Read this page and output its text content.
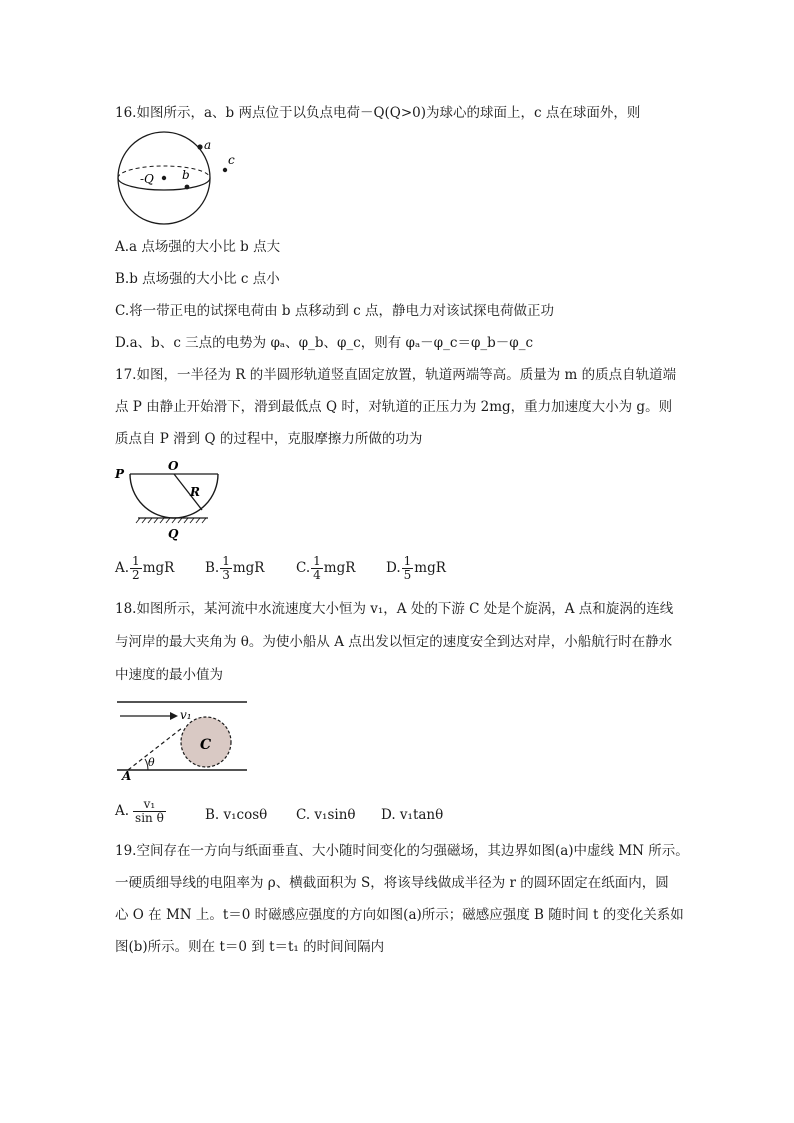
16.如图所示，a、b 两点位于以负点电荷－Q(Q>0)为球心的球面上，c 点在球面外，则
-Q
a
b
c
A.a 点场强的大小比 b 点大
B.b 点场强的大小比 c 点小
C.将一带正电的试探电荷由 b 点移动到 c 点，静电力对该试探电荷做正功
D.a、b、c 三点的电势为 φₐ、φ_b、φ_c，则有 φₐ－φ_c＝φ_b－φ_c
17.如图，一半径为 R 的半圆形轨道竖直固定放置，轨道两端等高。质量为 m 的质点自轨道端
点 P 由静止开始滑下，滑到最低点 Q 时，对轨道的正压力为 2mg，重力加速度大小为 g。则
质点自 P 滑到 Q 的过程中，克服摩擦力所做的功为
P
O
R
Q
A. $\frac{1}{2}$ mgR B. $\frac{1}{3}$ mgR C. $\frac{1}{4}$ mgR D. $\frac{1}{5}$ mgR
18.如图所示，某河流中水流速度大小恒为 v₁，A 处的下游 C 处是个旋涡，A 点和旋涡的连线
与河岸的最大夹角为 θ。为使小船从 A 点出发以恒定的速度安全到达对岸，小船航行时在静水
中速度的最小值为
v₁
C
A
θ
A. $\frac{\text{v₁}}{\text{sin θ}}$	B. v₁cosθ C. v₁sinθ D. v₁tanθ
19.空间存在一方向与纸面垂直、大小随时间变化的匀强磁场，其边界如图(a)中虚线 MN 所示。
一硬质细导线的电阻率为 ρ、横截面积为 S，将该导线做成半径为 r 的圆环固定在纸面内，圆
心 O 在 MN 上。t＝0 时磁感应强度的方向如图(a)所示；磁感应强度 B 随时间 t 的变化关系如
图(b)所示。则在 t＝0 到 t＝t₁ 的时间间隔内
